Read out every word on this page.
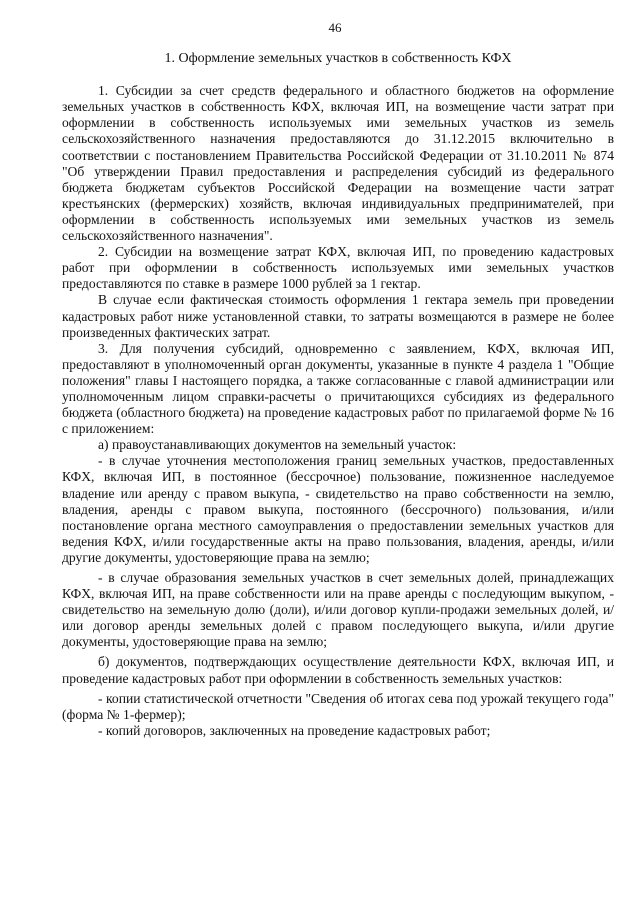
46
1. Оформление земельных участков в собственность КФХ

1. Субсидии за счет средств федерального и областного бюджетов на оформление земельных участков в собственность КФХ, включая ИП, на возмещение части затрат при оформлении в собственность используемых ими земельных участков из земель сельскохозяйственного назначения предоставляются до 31.12.2015 включительно в соответствии с постановлением Правительства Российской Федерации от 31.10.2011 № 874 "Об утверждении Правил предоставления и распределения субсидий из федерального бюджета бюджетам субъектов Российской Федерации на возмещение части затрат крестьянских (фермерских) хозяйств, включая индивидуальных предпринимателей, при оформлении в собственность используемых ими земельных участков из земель сельскохозяйственного назначения".

2. Субсидии на возмещение затрат КФХ, включая ИП, по проведению кадастровых работ при оформлении в собственность используемых ими земельных участков предоставляются по ставке в размере 1000 рублей за 1 гектар.

В случае если фактическая стоимость оформления 1 гектара земель при проведении кадастровых работ ниже установленной ставки, то затраты возмещаются в размере не более произведенных фактических затрат.

3. Для получения субсидий, одновременно с заявлением, КФХ, включая ИП, предоставляют в уполномоченный орган документы, указанные в пункте 4 раздела 1 "Общие положения" главы I настоящего порядка, а также согласованные с главой администрации или уполномоченным лицом справки-расчеты о причитающихся субсидиях из федерального бюджета (областного бюджета) на проведение кадастровых работ по прилагаемой форме № 16 с приложением:

а) правоустанавливающих документов на земельный участок:

- в случае уточнения местоположения границ земельных участков, предоставленных КФХ, включая ИП, в постоянное (бессрочное) пользование, пожизненное наследуемое владение или аренду с правом выкупа, - свидетельство на право собственности на землю, владения, аренды с правом выкупа, постоянного (бессрочного) пользования, и/или постановление органа местного самоуправления о предоставлении земельных участков для ведения КФХ, и/или государственные акты на право пользования, владения, аренды, и/или другие документы, удостоверяющие права на землю;

- в случае образования земельных участков в счет земельных долей, принадлежащих КФХ, включая ИП, на праве собственности или на праве аренды с последующим выкупом, - свидетельство на земельную долю (доли), и/или договор купли-продажи земельных долей, и/или договор аренды земельных долей с правом последующего выкупа, и/или другие документы, удостоверяющие права на землю;

б) документов, подтверждающих осуществление деятельности КФХ, включая ИП, и проведение кадастровых работ при оформлении в собственность земельных участков:

- копии статистической отчетности "Сведения об итогах сева под урожай текущего года" (форма № 1-фермер);

- копий договоров, заключенных на проведение кадастровых работ;
